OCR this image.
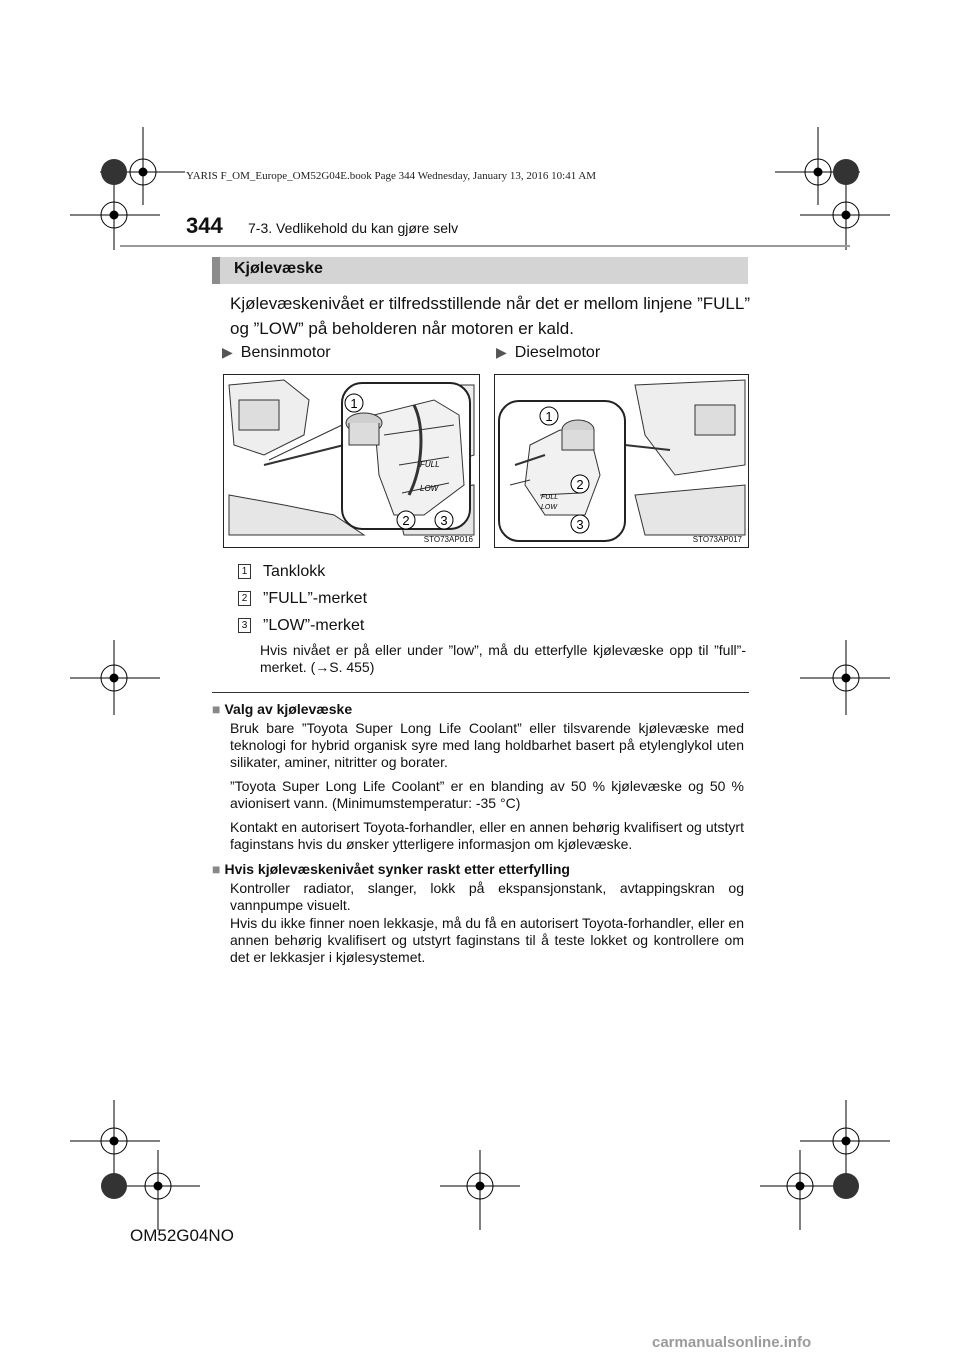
YARIS F_OM_Europe_OM52G04E.book Page 344 Wednesday, January 13, 2016 10:41 AM
344 7-3. Vedlikehold du kan gjøre selv
Kjølevæske
Kjølevæskenivået er tilfredsstillende når det er mellom linjene ”FULL” og ”LOW” på beholderen når motoren er kald.
▶ Bensinmotor	▶ Dieselmotor
FULL
LOW
1
2 3
STO73AP016
FULL
LOW
1
2
3
STO73AP017
1 Tanklokk
2 ”FULL”-merket
3 ”LOW”-merket
Hvis nivået er på eller under ”low”, må du etterfylle kjølevæske opp til ”full”-merket. (→S. 455)
■ Valg av kjølevæske
Bruk bare ”Toyota Super Long Life Coolant” eller tilsvarende kjølevæske med teknologi for hybrid organisk syre med lang holdbarhet basert på etylenglykol uten silikater, aminer, nitritter og borater.
”Toyota Super Long Life Coolant” er en blanding av 50 % kjølevæske og 50 % avionisert vann. (Minimumstemperatur: -35 °C)
Kontakt en autorisert Toyota-forhandler, eller en annen behørig kvalifisert og utstyrt faginstans hvis du ønsker ytterligere informasjon om kjølevæske.
■ Hvis kjølevæskenivået synker raskt etter etterfylling
Kontroller radiator, slanger, lokk på ekspansjonstank, avtappingskran og vannpumpe visuelt.
Hvis du ikke finner noen lekkasje, må du få en autorisert Toyota-forhandler, eller en annen behørig kvalifisert og utstyrt faginstans til å teste lokket og kontrollere om det er lekkasjer i kjølesystemet.
OM52G04NO
carmanualsonline.info
